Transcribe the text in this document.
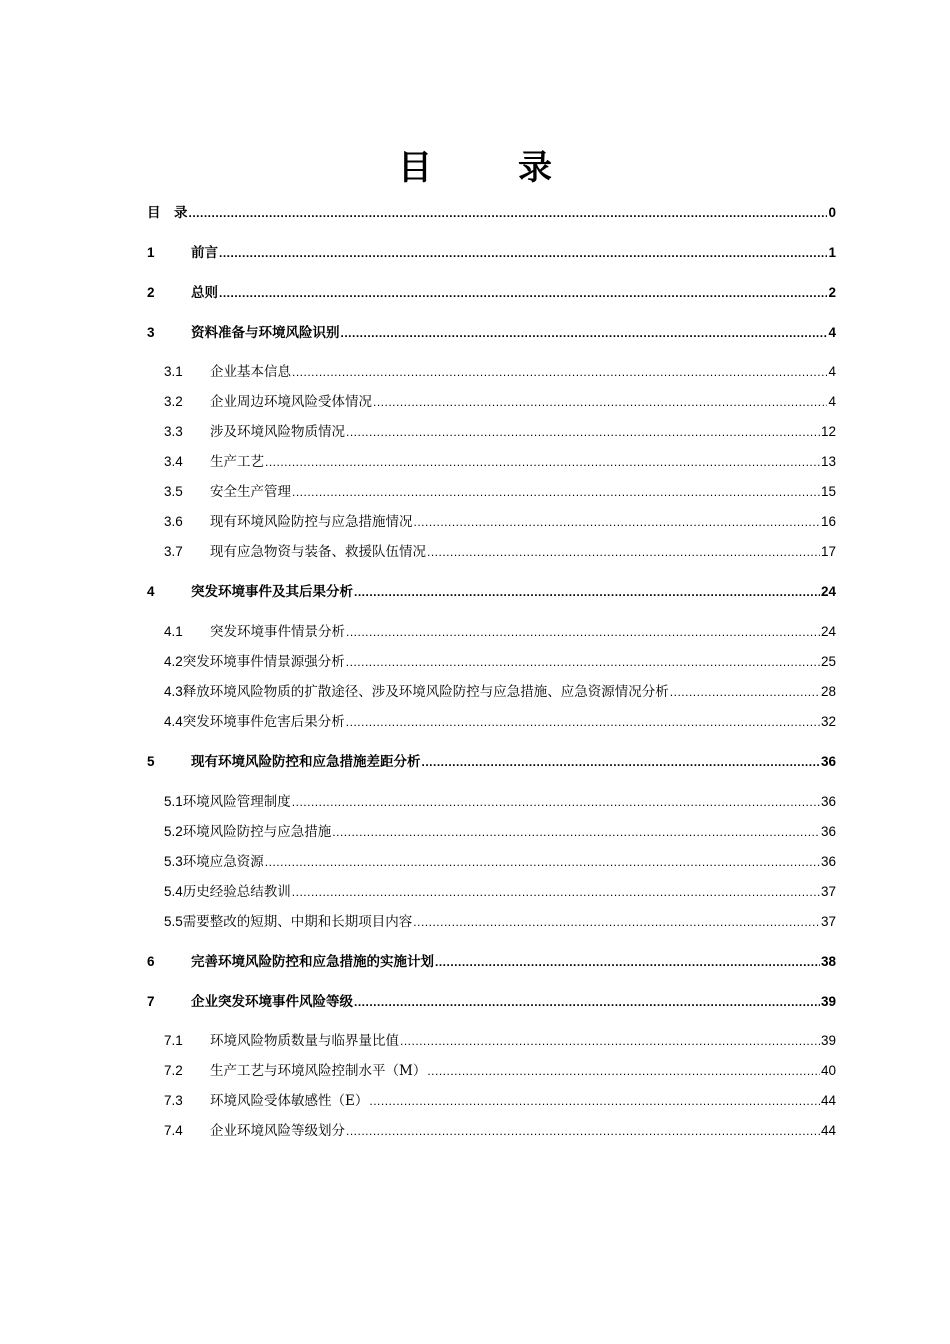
目　录
目　录 .....	0
1	前言 .....	1
2	总则 .....	2
3	资料准备与环境风险识别 .....	4
3.1	企业基本信息 .....	4
3.2	企业周边环境风险受体情况 .....	4
3.3	涉及环境风险物质情况 .....	12
3.4	生产工艺 .....	13
3.5	安全生产管理 .....	15
3.6	现有环境风险防控与应急措施情况 .....	16
3.7	现有应急物资与装备、救援队伍情况 .....	17
4	突发环境事件及其后果分析 .....	24
4.1	突发环境事件情景分析 .....	24
4.2 突发环境事件情景源强分析 .....	25
4.3 释放环境风险物质的扩散途径、涉及环境风险防控与应急措施、应急资源情况分析 .....	28
4.4 突发环境事件危害后果分析 .....	32
5	现有环境风险防控和应急措施差距分析 .....	36
5.1 环境风险管理制度 .....	36
5.2 环境风险防控与应急措施 .....	36
5.3 环境应急资源 .....	36
5.4 历史经验总结教训 .....	37
5.5 需要整改的短期、中期和长期项目内容 .....	37
6	完善环境风险防控和应急措施的实施计划 .....	38
7	企业突发环境事件风险等级 .....	39
7.1	环境风险物质数量与临界量比值 .....	39
7.2	生产工艺与环境风险控制水平（M） .....	40
7.3	环境风险受体敏感性（E） .....	44
7.4	企业环境风险等级划分 .....	44
